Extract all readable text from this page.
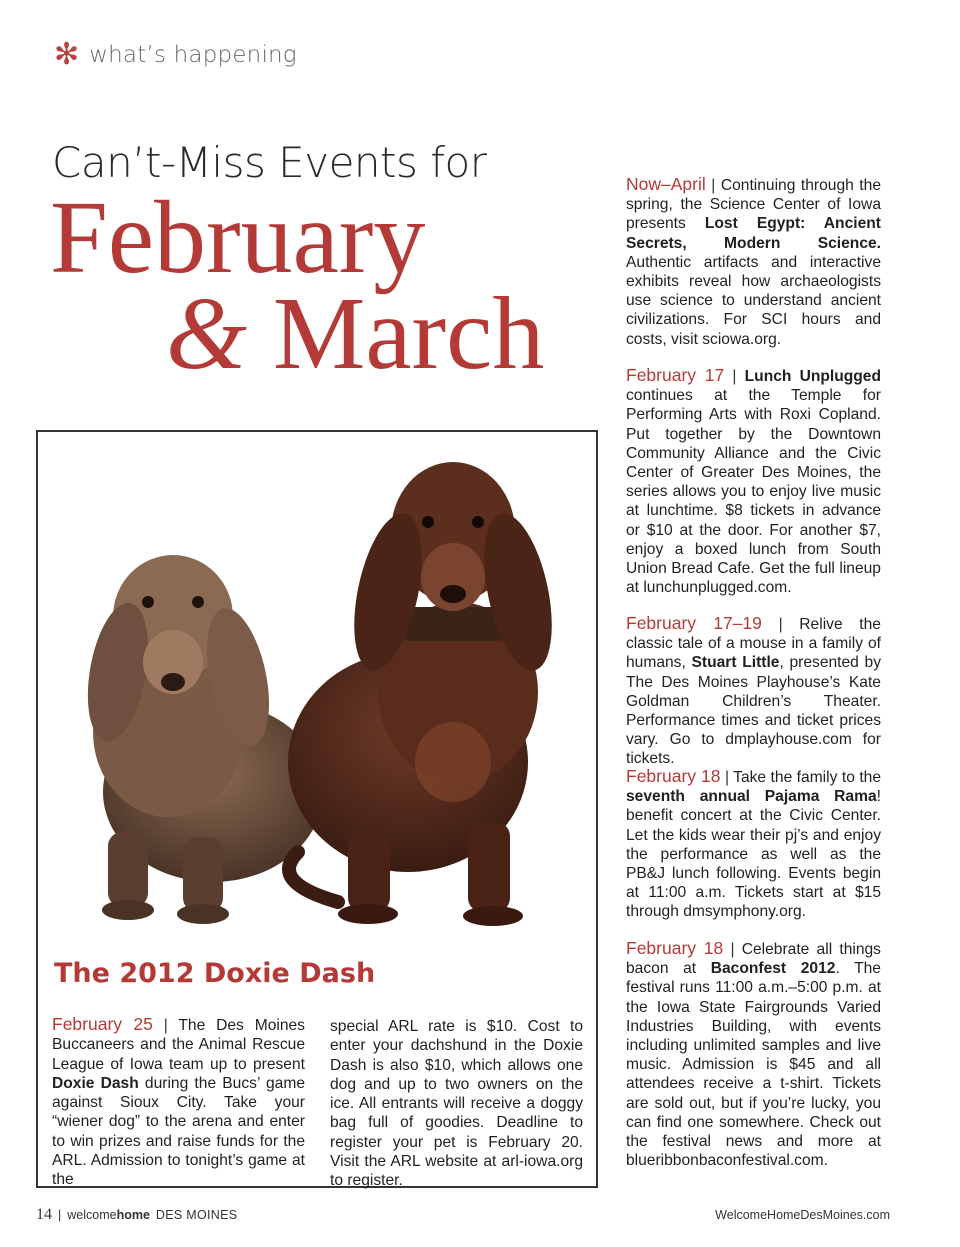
✻ what’s happening
Can’t-Miss Events for
February
& March
The 2012 Doxie Dash
February 25 | The Des Moines Buccaneers and the Animal Rescue League of Iowa team up to present Doxie Dash during the Bucs’ game against Sioux City. Take your “wiener dog” to the arena and enter to win prizes and raise funds for the ARL. Admission to tonight’s game at the
special ARL rate is $10. Cost to enter your dachshund in the Doxie Dash is also $10, which allows one dog and up to two owners on the ice. All entrants will receive a doggy bag full of goodies. Deadline to register your pet is February 20. Visit the ARL website at arl-iowa.org to register.
Now–April | Continuing through the spring, the Science Center of Iowa presents Lost Egypt: Ancient Secrets, Modern Science. Authentic artifacts and interactive exhibits reveal how archaeologists use science to understand ancient civilizations. For SCI hours and costs, visit sciowa.org.
February 17 | Lunch Unplugged continues at the Temple for Performing Arts with Roxi Copland. Put together by the Downtown Community Alliance and the Civic Center of Greater Des Moines, the series allows you to enjoy live music at lunchtime. $8 tickets in advance or $10 at the door. For another $7, enjoy a boxed lunch from South Union Bread Cafe. Get the full lineup at lunchunplugged.com.
February 17–19 | Relive the classic tale of a mouse in a family of humans, Stuart Little, presented by The Des Moines Playhouse’s Kate Goldman Children’s Theater. Performance times and ticket prices vary. Go to dmplayhouse.com for tickets.
February 18 | Take the family to the seventh annual Pajama Rama! benefit concert at the Civic Center. Let the kids wear their pj’s and enjoy the performance as well as the PB&J lunch following. Events begin at 11:00 a.m. Tickets start at $15 through dmsymphony.org.
February 18 | Celebrate all things bacon at Baconfest 2012. The festival runs 11:00 a.m.–5:00 p.m. at the Iowa State Fairgrounds Varied Industries Building, with events including unlimited samples and live music. Admission is $45 and all attendees receive a t-shirt. Tickets are sold out, but if you’re lucky, you can find one somewhere. Check out the festival news and more at blueribbonbaconfestival.com.
14 | welcomehome DES MOINES	WelcomeHomeDesMoines.com
